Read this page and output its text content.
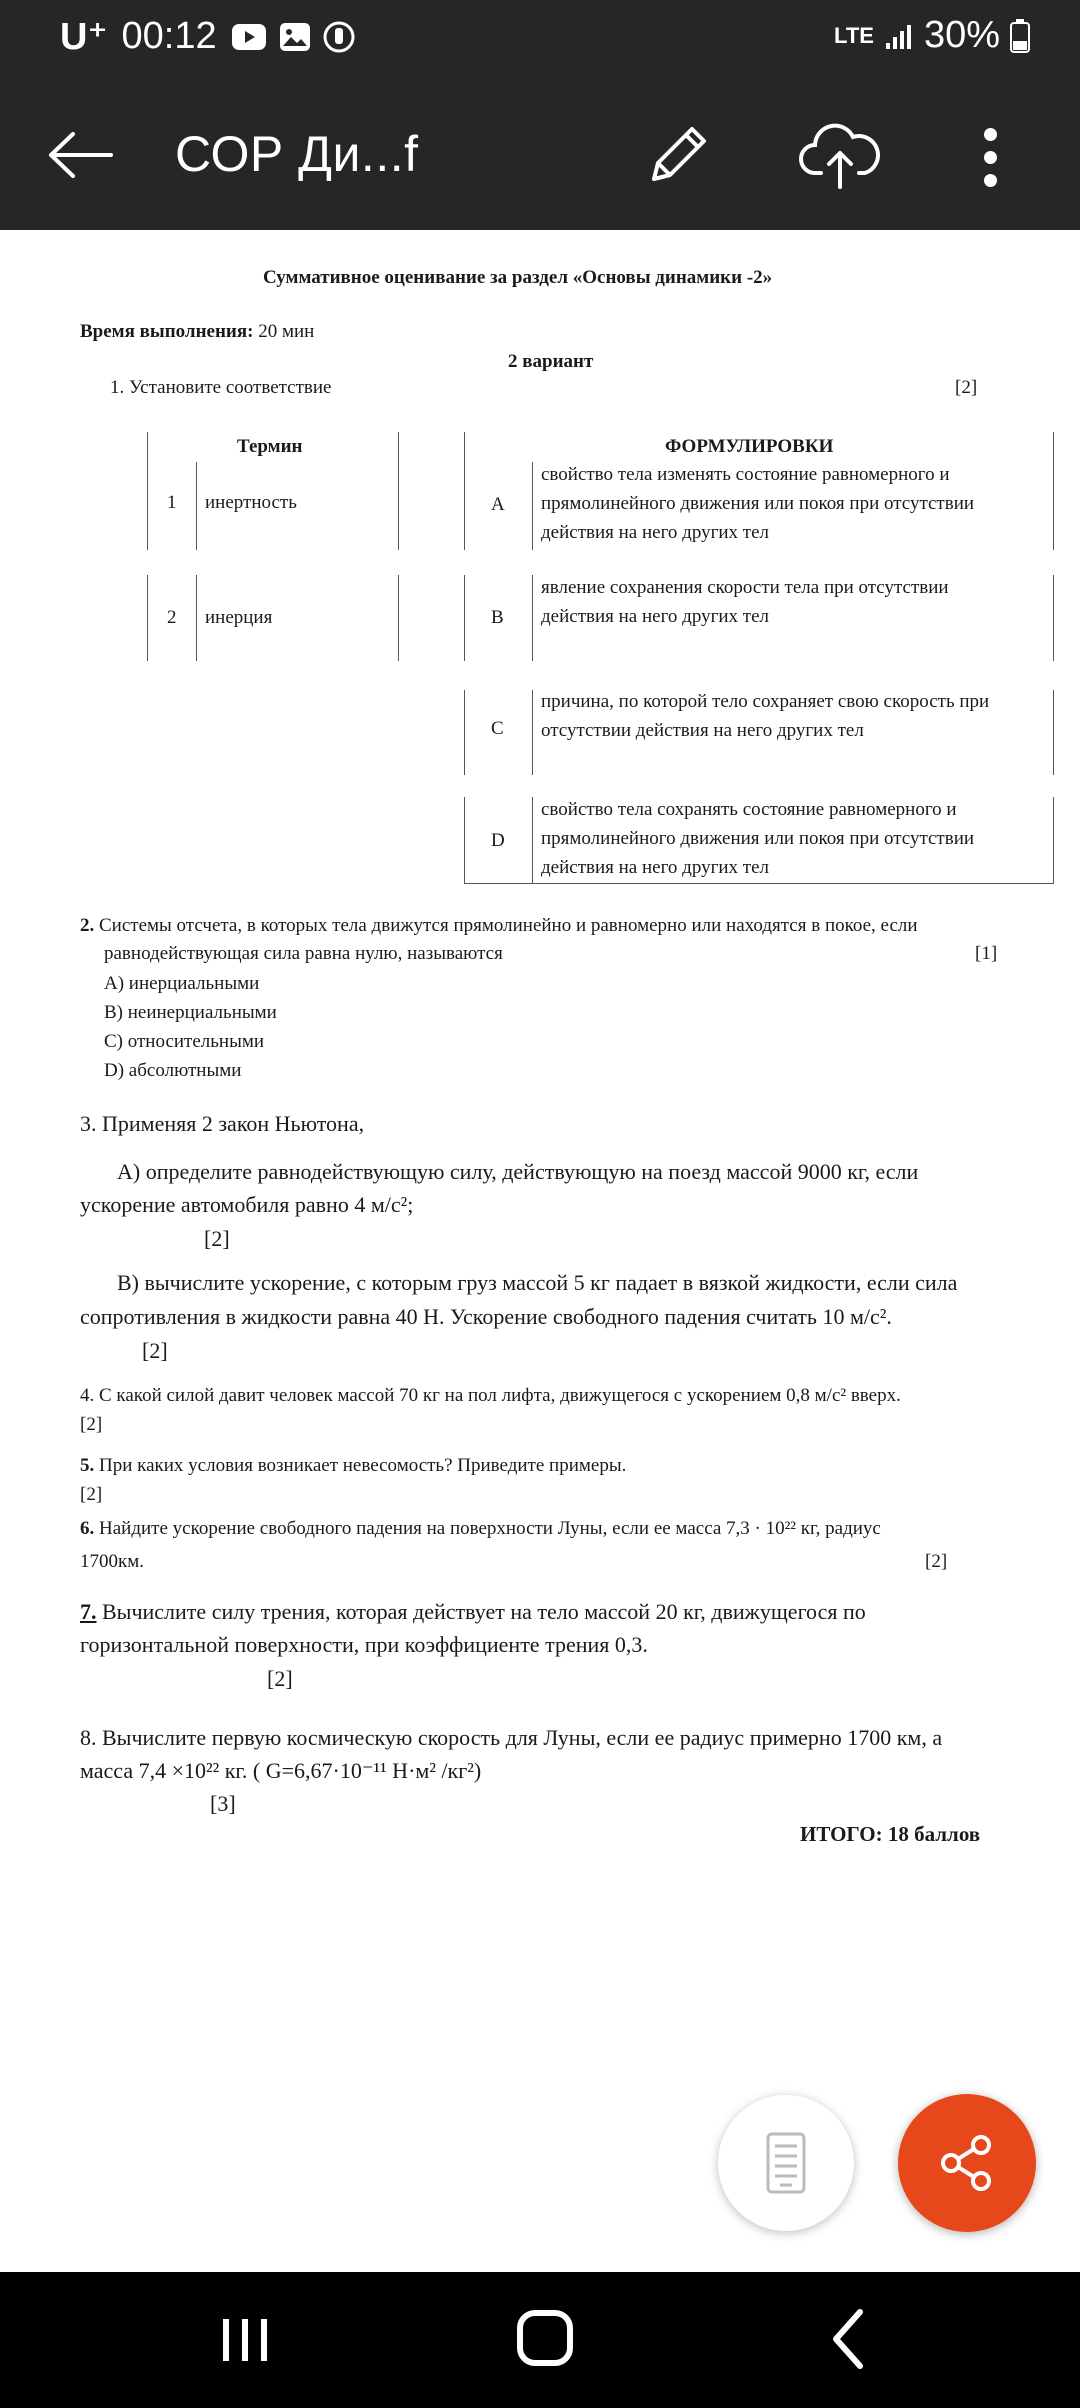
U⁺ 00:12	LTE 30%
СОР Ди...f
Суммативное оценивание за раздел «Основы динамики -2»
Время выполнения: 20 мин
2 вариант
1. Установите соответствие	[2]
Термин
1 инертность
2 инерция
ФОРМУЛИРОВКИ
A
свойство тела изменять состояние равномерного и
прямолинейного движения или покоя при отсутствии
действия на него других тел
B
явление сохранения скорости тела при отсутствии
действия на него других тел
C
причина, по которой тело сохраняет свою скорость при
отсутствии действия на него других тел
D
свойство тела сохранять состояние равномерного и
прямолинейного движения или покоя при отсутствии
действия на него других тел
2. Системы отсчета, в которых тела движутся прямолинейно и равномерно или находятся в покое, если
равнодействующая сила равна нулю, называются	[1]
A) инерциальными
B) неинерциальными
C) относительными
D) абсолютными
3. Применяя 2 закон Ньютона,
A) определите равнодействующую силу, действующую на поезд массой 9000 кг, если
ускорение автомобиля равно 4 м/с²;
[2]
B) вычислите ускорение, с которым груз массой 5 кг падает в вязкой жидкости, если сила
сопротивления в жидкости равна 40 Н. Ускорение свободного падения считать 10 м/с².
[2]
4. С какой силой давит человек массой 70 кг на пол лифта, движущегося с ускорением 0,8 м/с² вверх.
[2]
5. При каких условия возникает невесомость? Приведите примеры.
[2]
6. Найдите ускорение свободного падения на поверхности Луны, если ее масса 7,3 · 10²² кг, радиус
1700км.	[2]
7. Вычислите силу трения, которая действует на тело массой 20 кг, движущегося по
горизонтальной поверхности, при коэффициенте трения 0,3.
[2]
8. Вычислите первую космическую скорость для Луны, если ее радиус примерно 1700 км, а
масса 7,4 ×10²² кг. ( G=6,67·10⁻¹¹ Н·м² /кг²)
[3]
ИТОГО: 18 баллов
